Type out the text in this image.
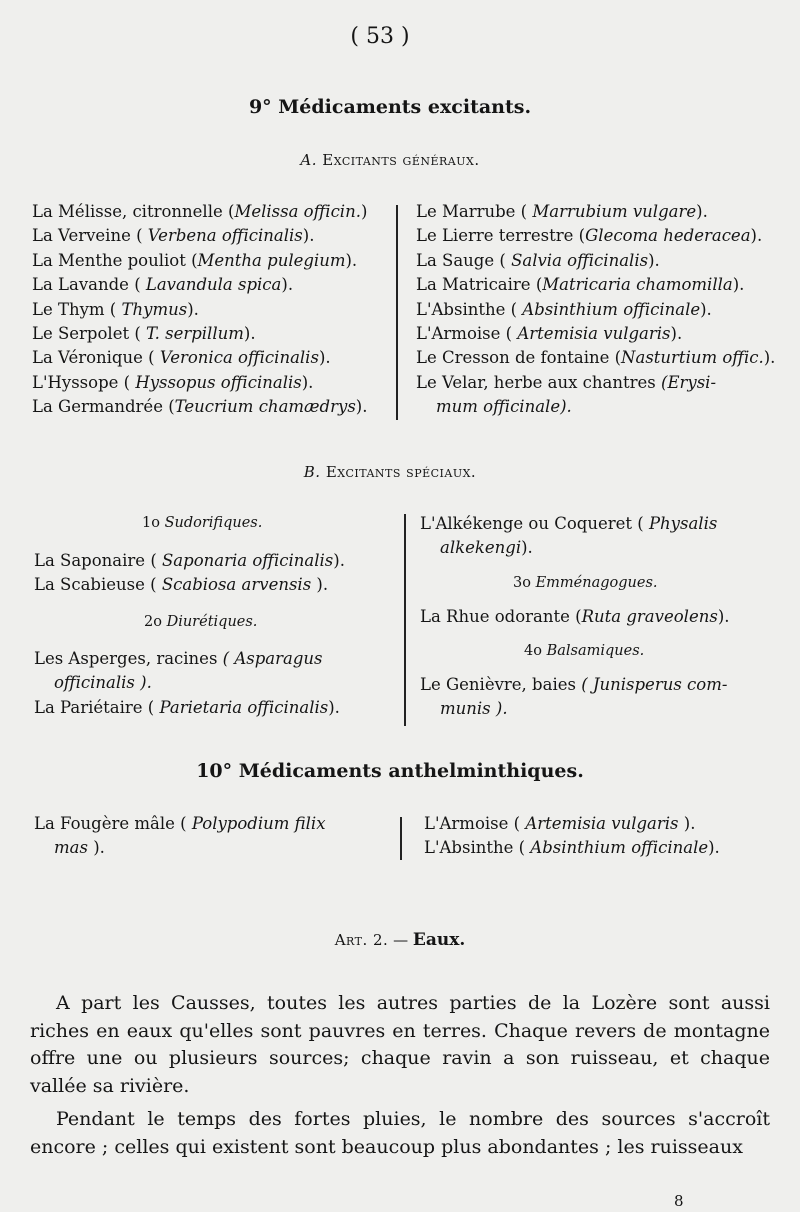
( 53 )
9° Médicaments excitants.
A. Excitants généraux.
La Mélisse, citronnelle (Melissa officin.)
La Verveine ( Verbena officinalis).
La Menthe pouliot (Mentha pulegium).
La Lavande ( Lavandula spica).
Le Thym ( Thymus).
Le Serpolet ( T. serpillum).
La Véronique ( Veronica officinalis).
L'Hyssope ( Hyssopus officinalis).
La Germandrée (Teucrium chamædrys).
Le Marrube ( Marrubium vulgare).
Le Lierre terrestre (Glecoma hederacea).
La Sauge ( Salvia officinalis).
La Matricaire (Matricaria chamomilla).
L'Absinthe ( Absinthium officinale).
L'Armoise ( Artemisia vulgaris).
Le Cresson de fontaine (Nasturtium offic.).
Le Velar, herbe aux chantres (Erysi-
mum officinale).
B. Excitants spéciaux.
1o Sudorifiques.
La Saponaire ( Saponaria officinalis).
La Scabieuse ( Scabiosa arvensis ).
2o Diurétiques.
Les Asperges, racines ( Asparagus
officinalis ).
La Pariétaire ( Parietaria officinalis).
L'Alkékenge ou Coqueret ( Physalis
alkekengi).
3o Emménagogues.
La Rhue odorante (Ruta graveolens).
4o Balsamiques.
Le Genièvre, baies ( Junisperus com-
munis ).
10° Médicaments anthelminthiques.
La Fougère mâle ( Polypodium filix
mas ).
L'Armoise ( Artemisia vulgaris ).
L'Absinthe ( Absinthium officinale).
Art. 2. — Eaux.

A part les Causses, toutes les autres parties de la Lozère sont aussi riches en eaux qu'elles sont pauvres en terres. Chaque revers de montagne offre une ou plusieurs sources; chaque ravin a son ruisseau, et chaque vallée sa rivière.

Pendant le temps des fortes pluies, le nombre des sources s'accroît encore ; celles qui existent sont beaucoup plus abondantes ; les ruisseaux

8
